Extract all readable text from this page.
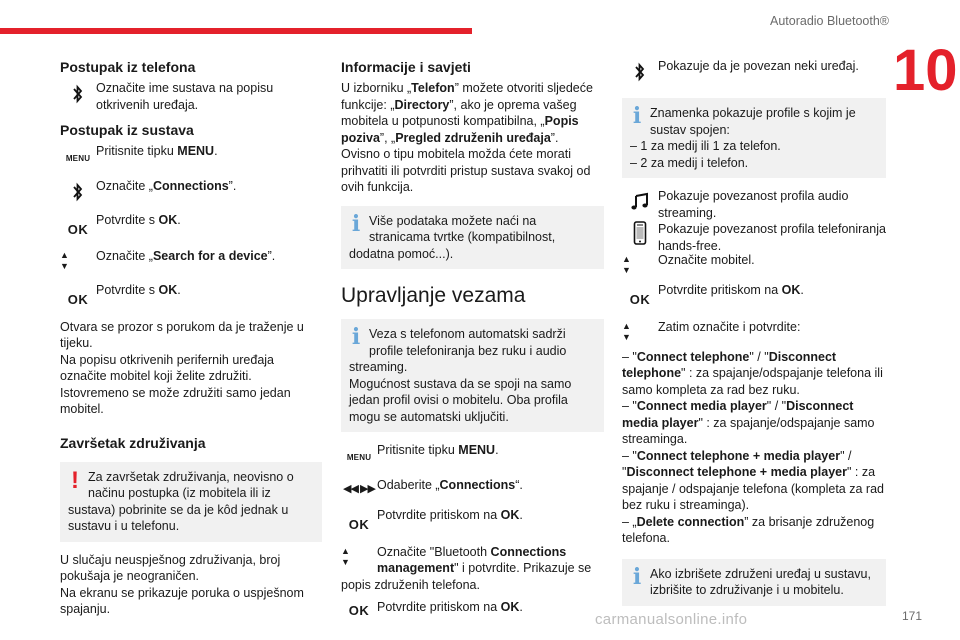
Autoradio Bluetooth®
10
Postupak iz telefona
Označite ime sustava na popisu otkrivenih uređaja.
Postupak iz sustava
MENU
Pritisnite tipku MENU.
Označite „Connections”.
OK
Potvrdite s OK.
▲
▼
Označite „Search for a device”.
OK
Potvrdite s OK.

Otvara se prozor s porukom da je traženje u tijeku.

Na popisu otkrivenih perifernih uređaja označite mobitel koji želite združiti. Istovremeno se može združiti samo jedan mobitel.

Završetak združivanja
! Za završetak združivanja, neovisno o načinu postupka (iz mobitela ili iz sustava) pobrinite se da je kôd jednak u sustavu i u telefonu.

U slučaju neuspješnog združivanja, broj pokušaja je neograničen.

Na ekranu se prikazuje poruka o uspješnom spajanju.

Informacije i savjeti

U izborniku „Telefon” možete otvoriti sljedeće funkcije: „Directory”, ako je oprema vašeg mobitela u potpunosti kompatibilna, „Popis poziva”, „Pregled združenih uređaja”.

Ovisno o tipu mobitela možda ćete morati prihvatiti ili potvrditi pristup sustava svakoj od ovih funkcija.

i Više podataka možete naći na stranicama tvrtke (kompatibilnost, dodatna pomoć...).
Upravljanje vezama
i Veza s telefonom automatski sadrži profile telefoniranja bez ruku i audio streaming.
Mogućnost sustava da se spoji na samo jedan profil ovisi o mobitelu. Oba profila mogu se automatski uključiti.
MENU
Pritisnite tipku MENU.
◀◀ ▶▶ Odaberite „Connections“.
OK
Potvrdite pritiskom na OK.
▲
▼
Označite "Bluetooth Connections management" i potvrdite. Prikazuje se popis združenih telefona.
OK Potvrdite pritiskom na OK.
Pokazuje da je povezan neki uređaj.
i Znamenka pokazuje profile s kojim je sustav spojen:
– 1 za medij ili 1 za telefon.
– 2 za medij i telefon.
Pokazuje povezanost profila audio streaming.
Pokazuje povezanost profila telefoniranja hands-free.
▲
▼
Označite mobitel.
OK
Potvrdite pritiskom na OK.
▲
▼
Zatim označite i potvrdite:

– "Connect telephone" / "Disconnect telephone" : za spajanje/odspajanje telefona ili samo kompleta za rad bez ruku.

– "Connect media player" / "Disconnect media player" : za spajanje/odspajanje samo streaminga.

– "Connect telephone + media player" / "Disconnect telephone + media player" : za spajanje / odspajanje telefona (kompleta za rad bez ruku i streaminga).

– „Delete connection” za brisanje združenog telefona.

i Ako izbrišete združeni uređaj u sustavu, izbrišite to združivanje i u mobitelu.
carmanualsonline.info	171
